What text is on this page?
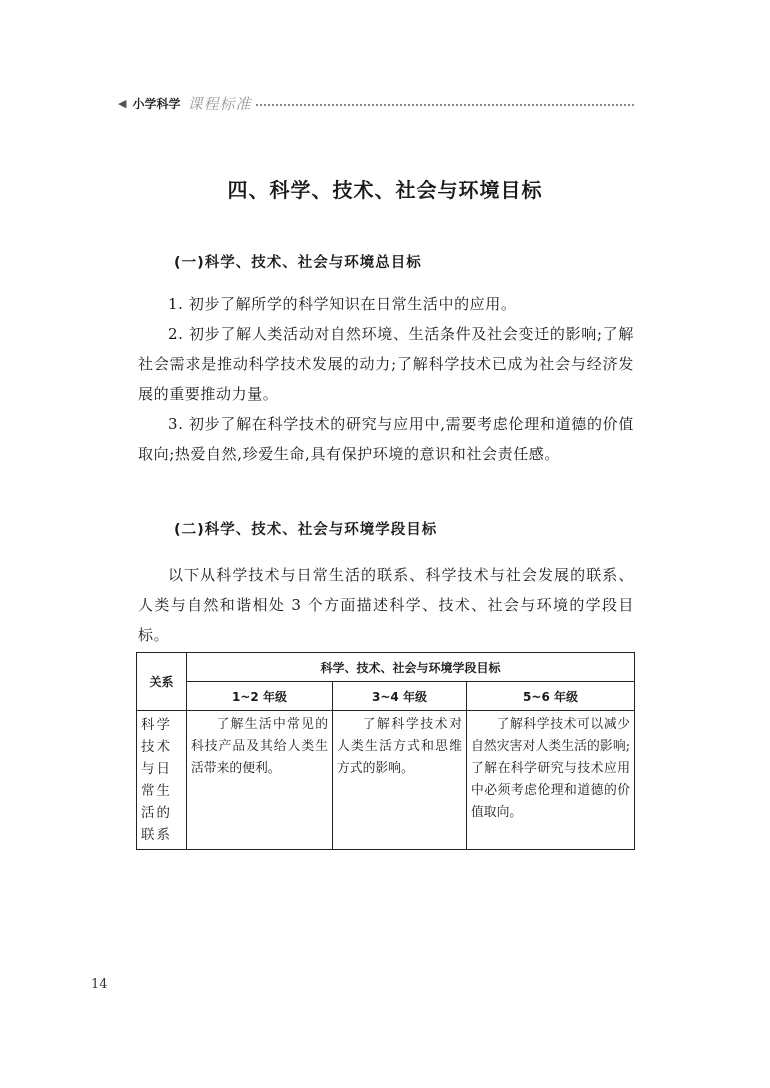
◀ 小学科学 课程标准
四、科学、技术、社会与环境目标
(一)科学、技术、社会与环境总目标

1. 初步了解所学的科学知识在日常生活中的应用。

2. 初步了解人类活动对自然环境、生活条件及社会变迁的影响;了解社会需求是推动科学技术发展的动力;了解科学技术已成为社会与经济发展的重要推动力量。

3. 初步了解在科学技术的研究与应用中,需要考虑伦理和道德的价值取向;热爱自然,珍爱生命,具有保护环境的意识和社会责任感。

(二)科学、技术、社会与环境学段目标

以下从科学技术与日常生活的联系、科学技术与社会发展的联系、人类与自然和谐相处 3 个方面描述科学、技术、社会与环境的学段目标。

关系	科学、技术、社会与环境学段目标		
	1~2 年级	3~4 年级	5~6 年级
科学技术与日常生活的联系	了解生活中常见的科技产品及其给人类生活带来的便利。	了解科学技术对人类生活方式和思维方式的影响。	了解科学技术可以减少自然灾害对人类生活的影响;了解在科学研究与技术应用中必须考虑伦理和道德的价值取向。
14
